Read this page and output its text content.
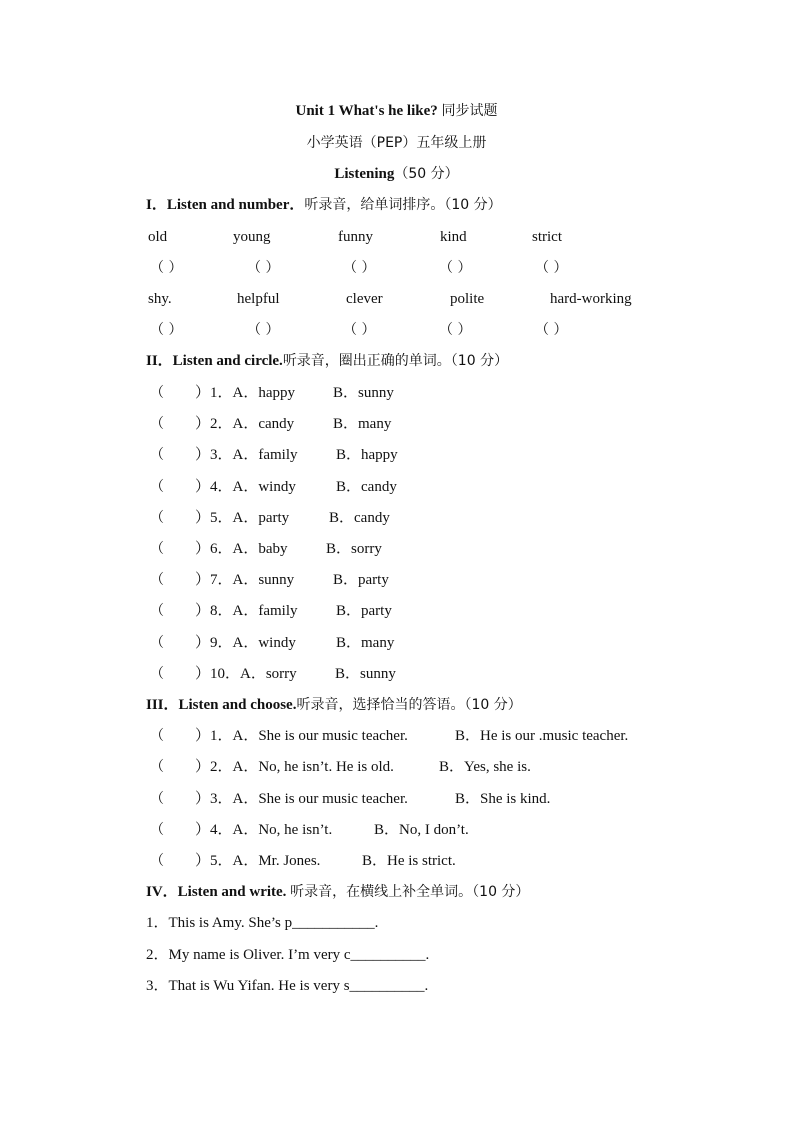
Unit 1 What's he like? 同步试题
小学英语（PEP）五年级上册
Listening（50 分）
I．Listen and number．听录音，给单词排序。（10 分）
old	young	funny	kind	strict
（ ）	（ ）	（ ）	（ ）	（ ）
shy.	helpful	clever	polite	hard-working
（ ）	（ ）	（ ）	（ ）	（ ）
II．Listen and circle.听录音，圈出正确的单词。（10 分）
（ ）1．A．happy	B．sunny
（ ）2．A．candy	B．many
（ ）3．A．family	B．happy
（ ）4．A．windy	B．candy
（ ）5．A．party	B．candy
（ ）6．A．baby	B．sorry
（ ）7．A．sunny	B．party
（ ）8．A．family	B．party
（ ）9．A．windy	B．many
（ ）10．A．sorry	B．sunny
III．Listen and choose.听录音，选择恰当的答语。（10 分）
（ ）1．A．She is our music teacher.	B．He is our .music teacher.
（ ）2．A．No, he isn’t. He is old.	B．Yes, she is.
（ ）3．A．She is our music teacher.	B．She is kind.
（ ）4．A．No, he isn’t.	B．No, I don’t.
（ ）5．A．Mr. Jones.	B．He is strict.
IV．Listen and write. 听录音，在横线上补全单词。（10 分）
1．This is Amy. She’s p___________.
2．My name is Oliver. I’m very c__________.
3．That is Wu Yifan. He is very s__________.
